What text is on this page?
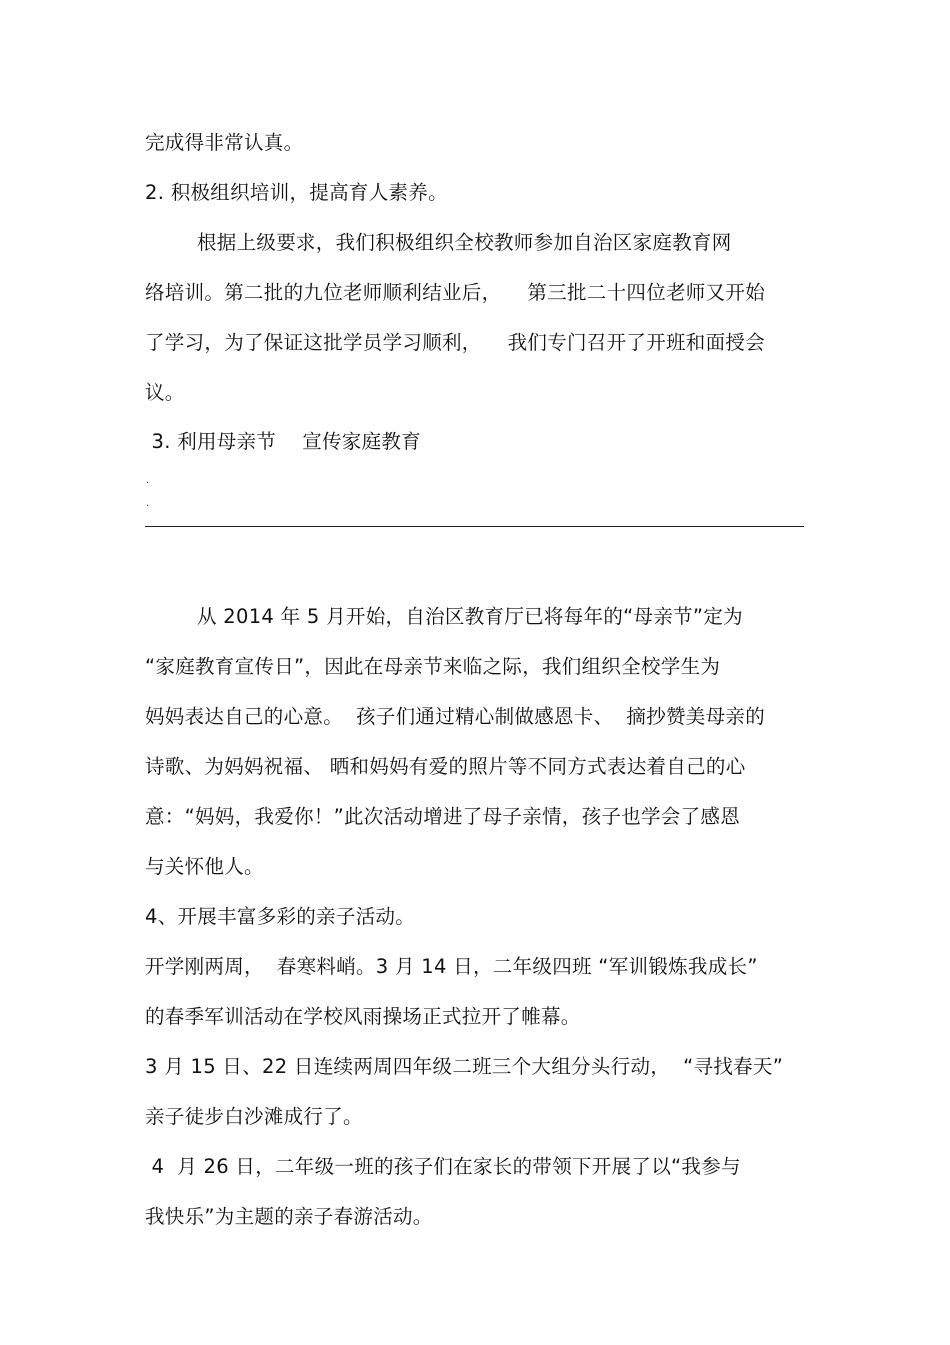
完成得非常认真。
2. 积极组织培训，提高育人素养。
根据上级要求，我们积极组织全校教师参加自治区家庭教育网
络培训。第二批的九位老师顺利结业后，    第三批二十四位老师又开始
了学习，为了保证这批学员学习顺利，    我们专门召开了开班和面授会
议。
3. 利用母亲节    宣传家庭教育
.
.
从 2014 年 5 月开始，自治区教育厅已将每年的“母亲节”定为
“家庭教育宣传日”，因此在母亲节来临之际，我们组织全校学生为
妈妈表达自己的心意。  孩子们通过精心制做感恩卡、  摘抄赞美母亲的
诗歌、为妈妈祝福、 晒和妈妈有爱的照片等不同方式表达着自己的心
意：“妈妈，我爱你！”此次活动增进了母子亲情，孩子也学会了感恩
与关怀他人。
4、开展丰富多彩的亲子活动。
开学刚两周，  春寒料峭。3 月 14 日，二年级四班 “军训锻炼我成长”
的春季军训活动在学校风雨操场正式拉开了帷幕。
3 月 15 日、22 日连续两周四年级二班三个大组分头行动，  “寻找春天”
亲子徒步白沙滩成行了。
4  月 26 日，二年级一班的孩子们在家长的带领下开展了以“我参与
我快乐”为主题的亲子春游活动。
